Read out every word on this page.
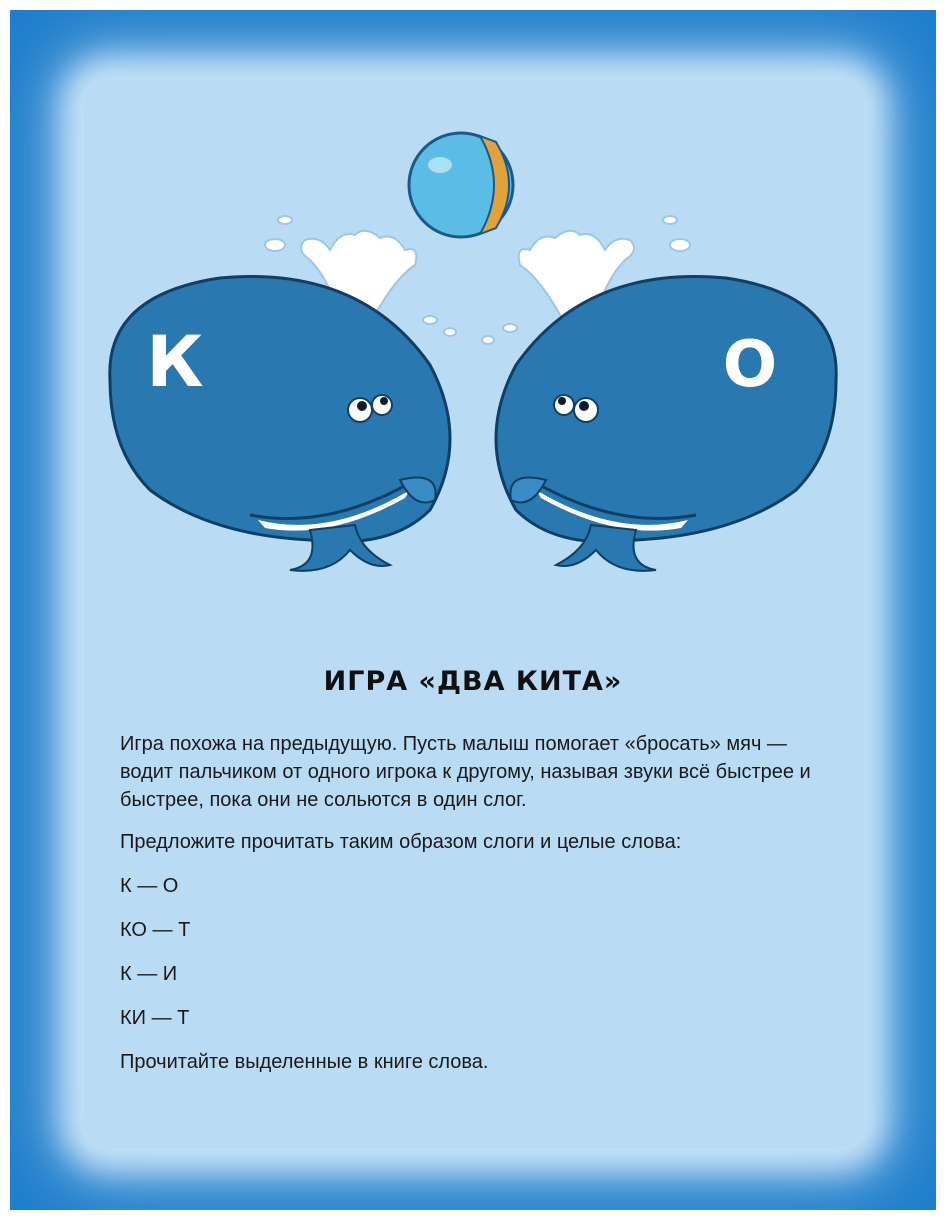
К	О
ИГРА «ДВА КИТА»
Игра похожа на предыдущую. Пусть малыш помогает «бросать» мяч — водит пальчиком от одного игрока к другому, называя звуки всё быстрее и быстрее, пока они не сольются в один слог.
Предложите прочитать таким образом слоги и целые слова:
К — О
КО — Т
К — И
КИ — Т
Прочитайте выделенные в книге слова.
